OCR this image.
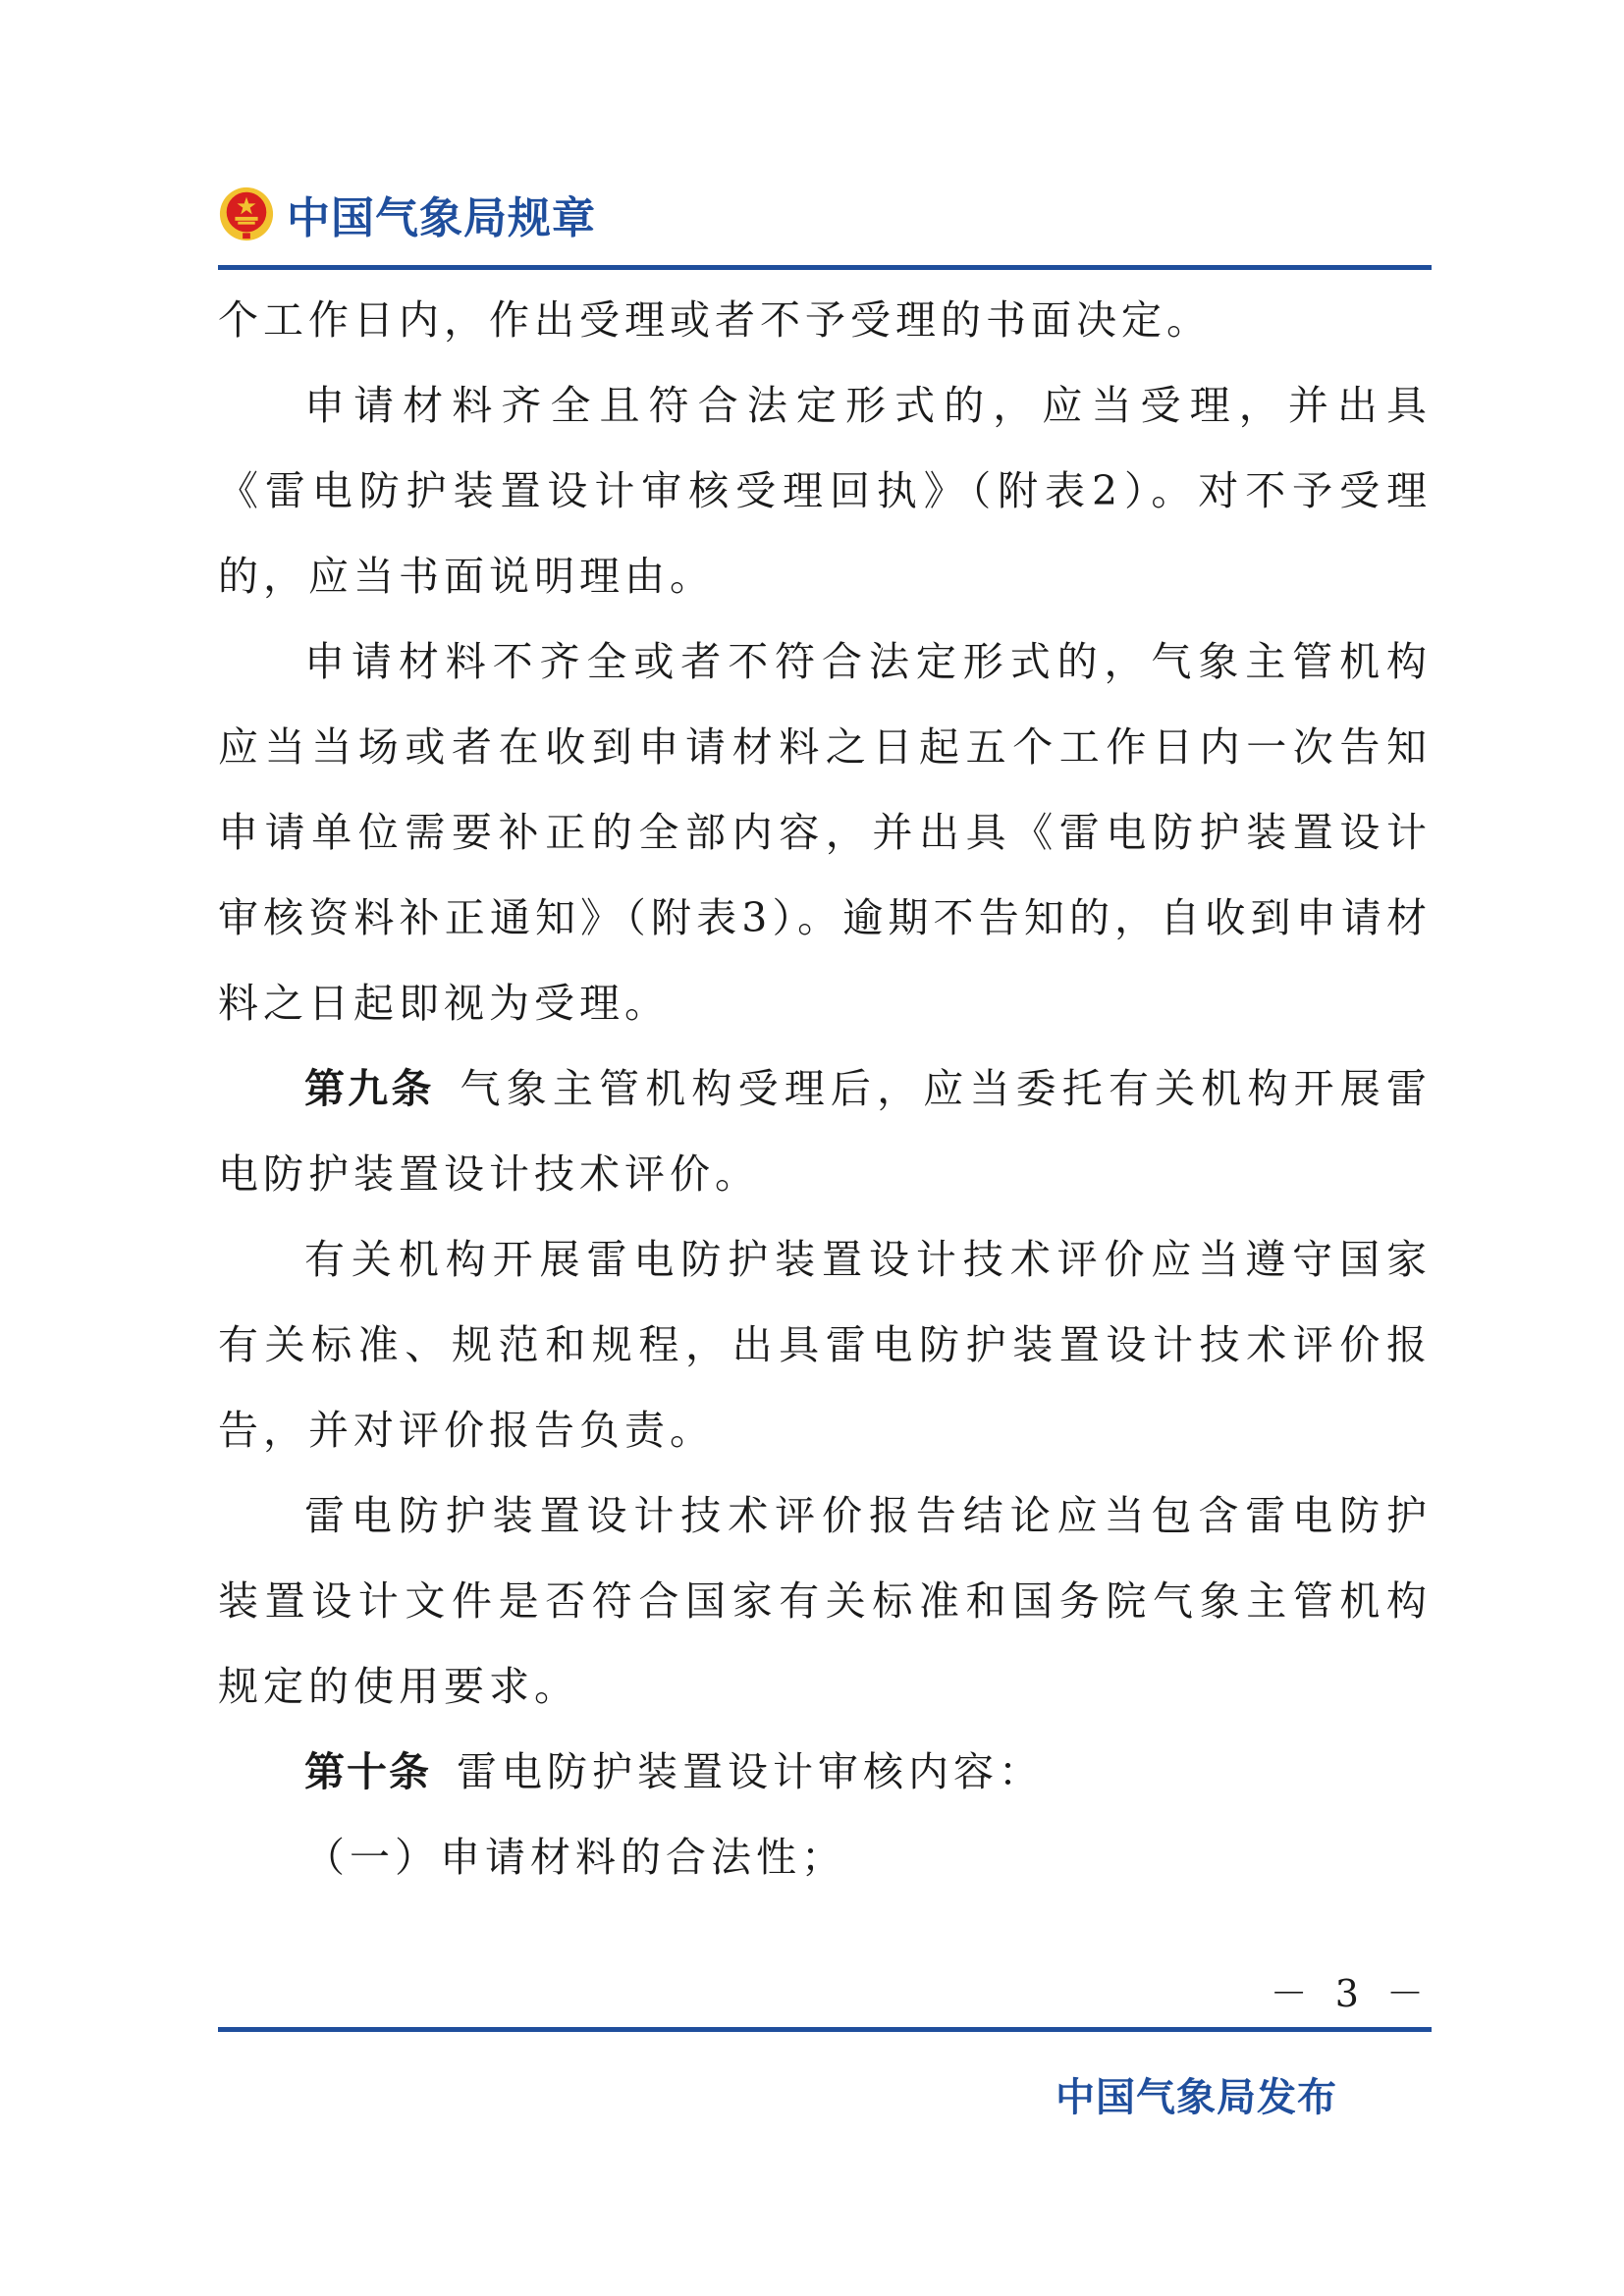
中国气象局规章

个工作日内，作出受理或者不予受理的书面决定。

申请材料齐全且符合法定形式的，应当受理，并出具《雷电防护装置设计审核受理回执》（附表2）。对不予受理的，应当书面说明理由。

申请材料不齐全或者不符合法定形式的，气象主管机构应当当场或者在收到申请材料之日起五个工作日内一次告知申请单位需要补正的全部内容，并出具《雷电防护装置设计审核资料补正通知》（附表3）。逾期不告知的，自收到申请材料之日起即视为受理。

第九条 气象主管机构受理后，应当委托有关机构开展雷电防护装置设计技术评价。

有关机构开展雷电防护装置设计技术评价应当遵守国家有关标准、规范和规程，出具雷电防护装置设计技术评价报告，并对评价报告负责。

雷电防护装置设计技术评价报告结论应当包含雷电防护装置设计文件是否符合国家有关标准和国务院气象主管机构规定的使用要求。

第十条 雷电防护装置设计审核内容：

（一）申请材料的合法性；

－ 3 －
中国气象局发布
